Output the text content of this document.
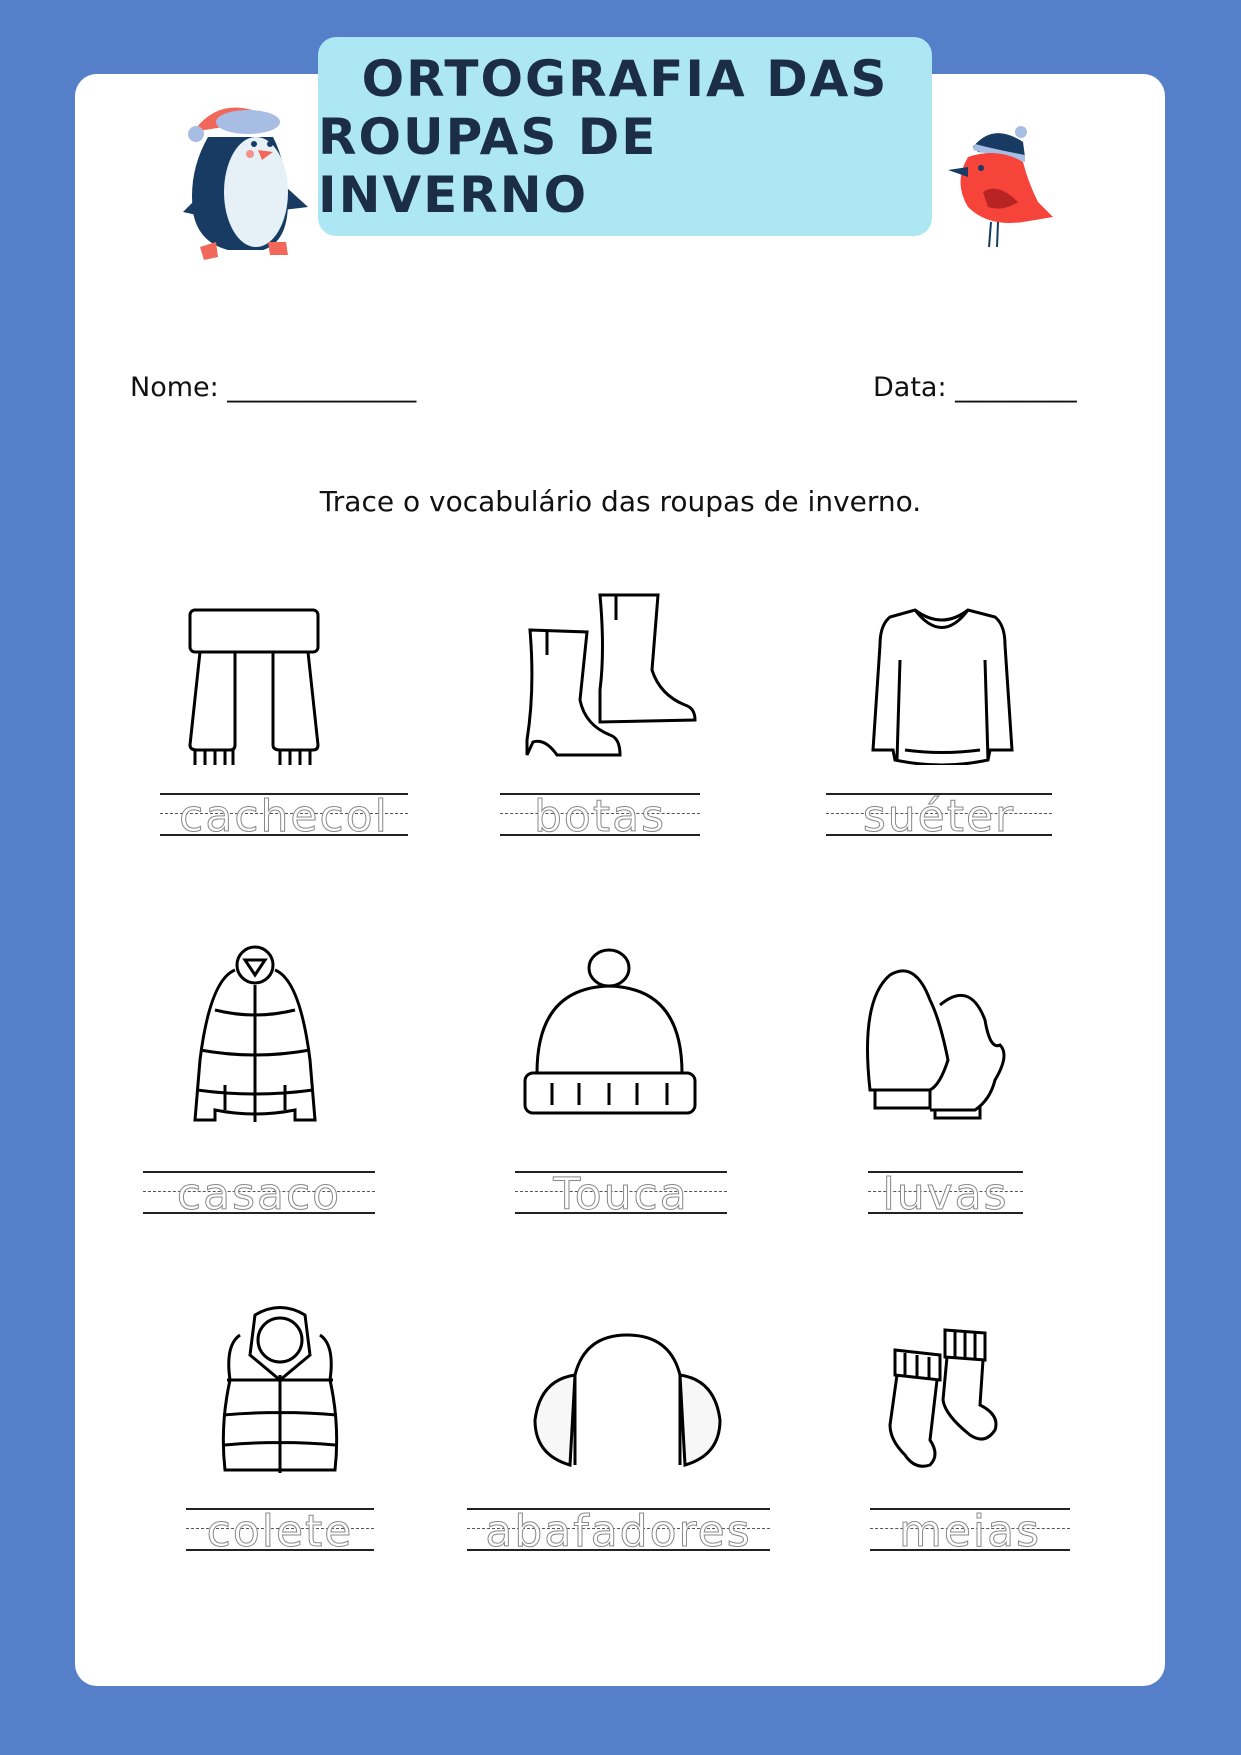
ORTOGRAFIA DAS
ROUPAS DE INVERNO
Nome: ______________	Data: _________
Trace o vocabulário das roupas de inverno.
cachecol	botas	suéter
casaco	Touca	luvas
colete	abafadores	meias
